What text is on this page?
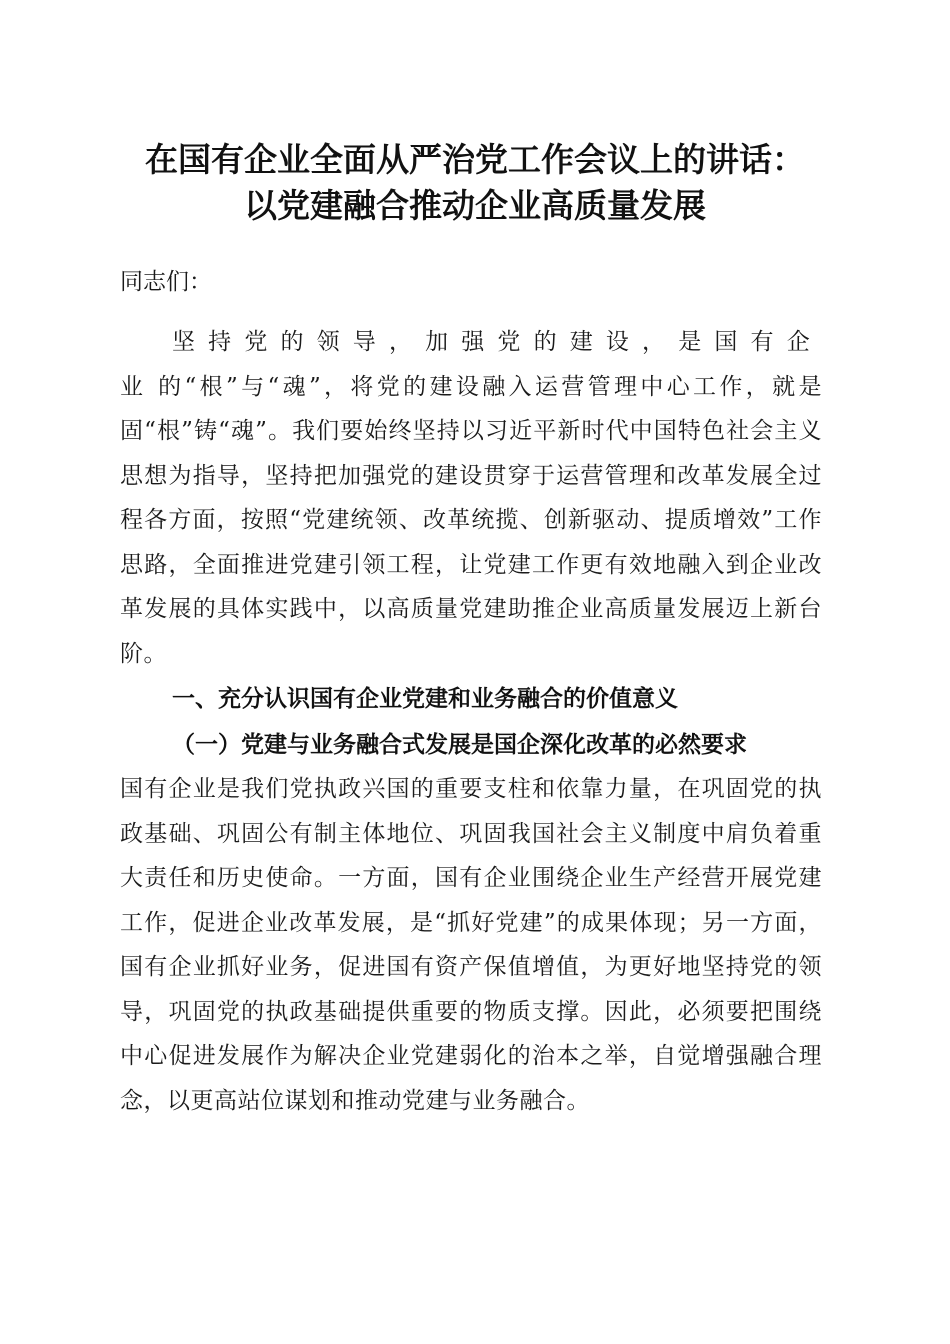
在国有企业全面从严治党工作会议上的讲话：
以党建融合推动企业高质量发展

同志们：

坚持党的领导，加强党的建设，是国有企业的“根”与“魂”，将党的建设融入运营管理中心工作，就是固“根”铸“魂”。我们要始终坚持以习近平新时代中国特色社会主义思想为指导，坚持把加强党的建设贯穿于运营管理和改革发展全过程各方面，按照“党建统领、改革统揽、创新驱动、提质增效”工作思路，全面推进党建引领工程，让党建工作更有效地融入到企业改革发展的具体实践中，以高质量党建助推企业高质量发展迈上新台阶。

一、充分认识国有企业党建和业务融合的价值意义
（一）党建与业务融合式发展是国企深化改革的必然要求

国有企业是我们党执政兴国的重要支柱和依靠力量，在巩固党的执政基础、巩固公有制主体地位、巩固我国社会主义制度中肩负着重大责任和历史使命。一方面，国有企业围绕企业生产经营开展党建工作，促进企业改革发展，是“抓好党建”的成果体现；另一方面，国有企业抓好业务，促进国有资产保值增值，为更好地坚持党的领导，巩固党的执政基础提供重要的物质支撑。因此，必须要把围绕中心促进发展作为解决企业党建弱化的治本之举，自觉增强融合理念，以更高站位谋划和推动党建与业务融合。
